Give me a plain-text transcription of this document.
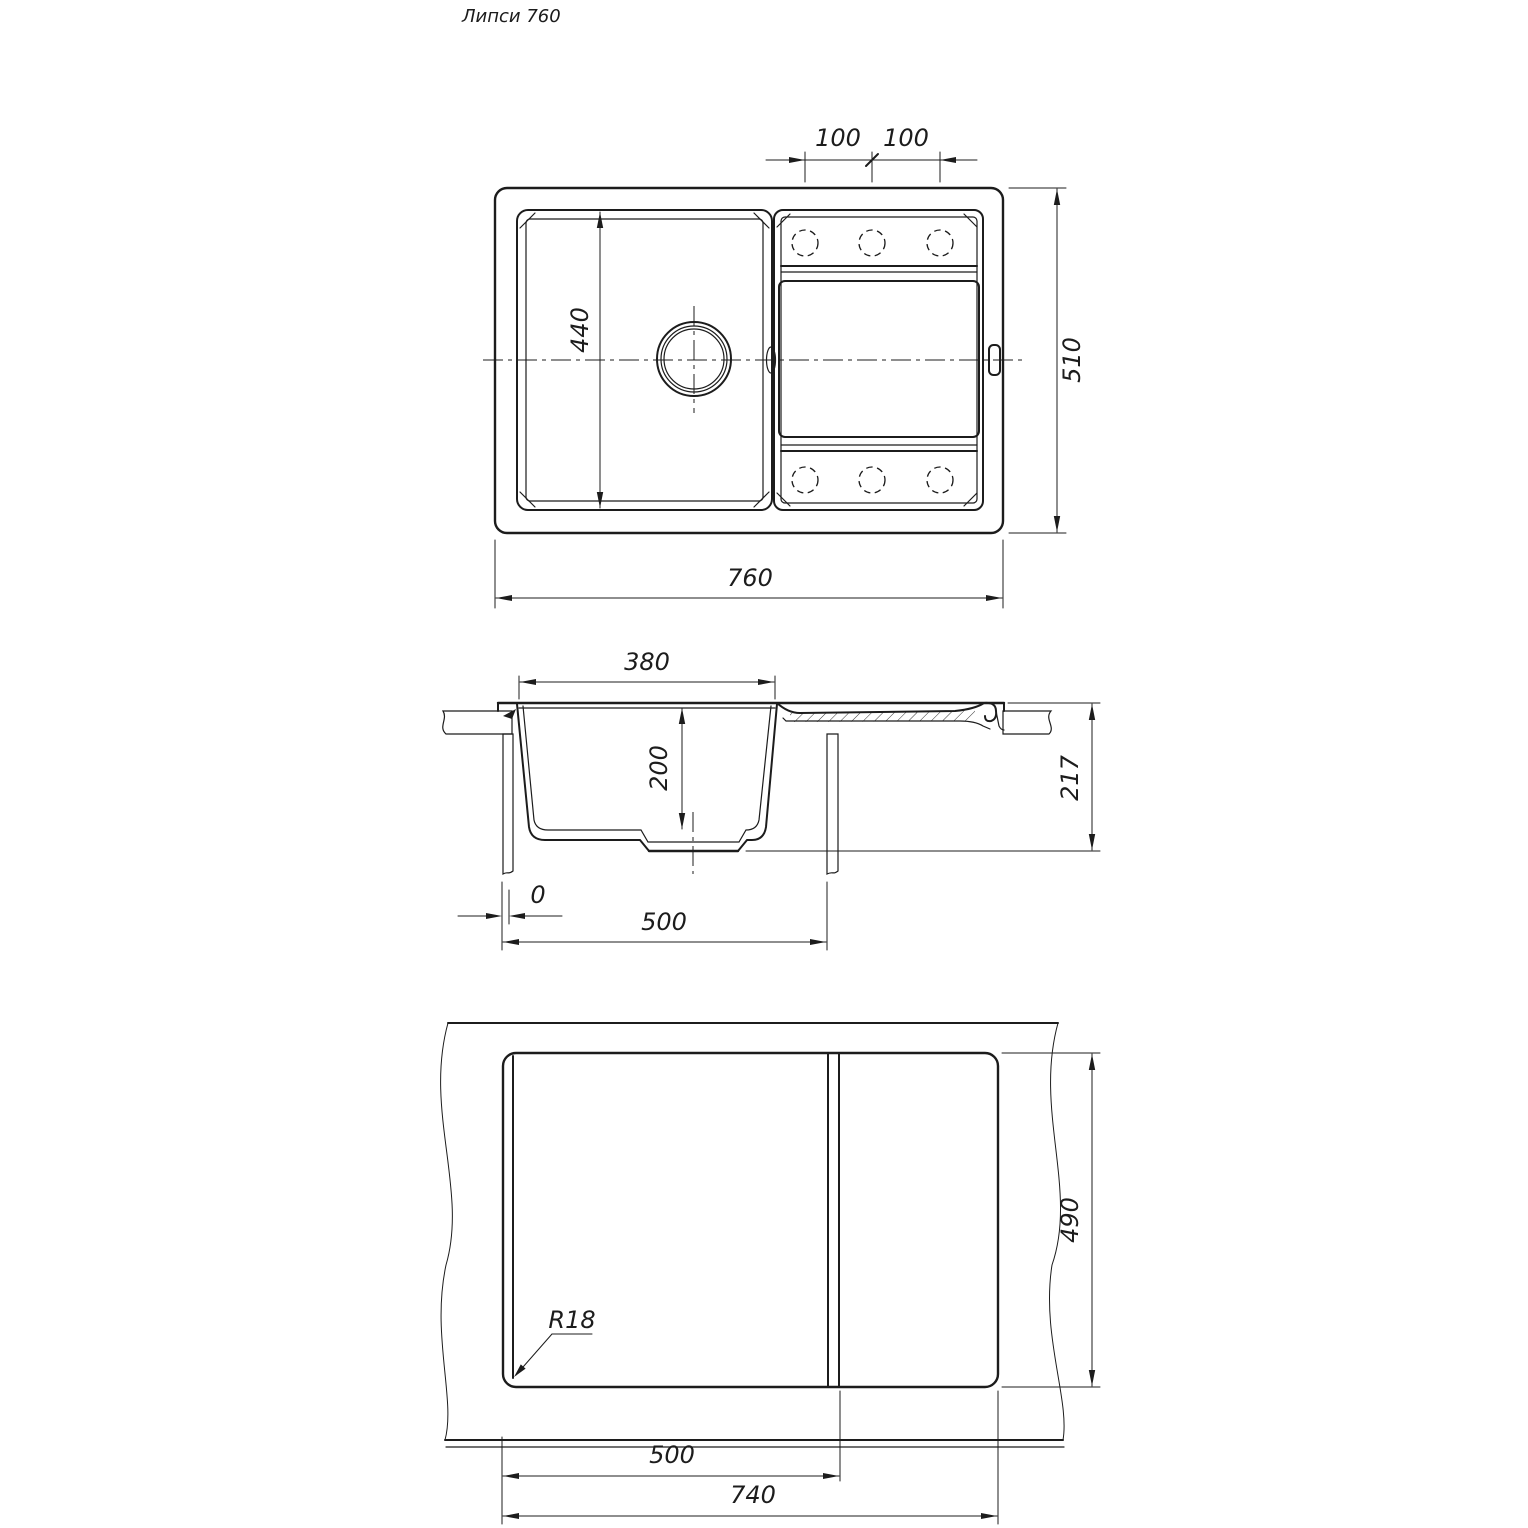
Липси 760
100 100
440
510
760
380
200	217
0
500
R18
490
500
740
